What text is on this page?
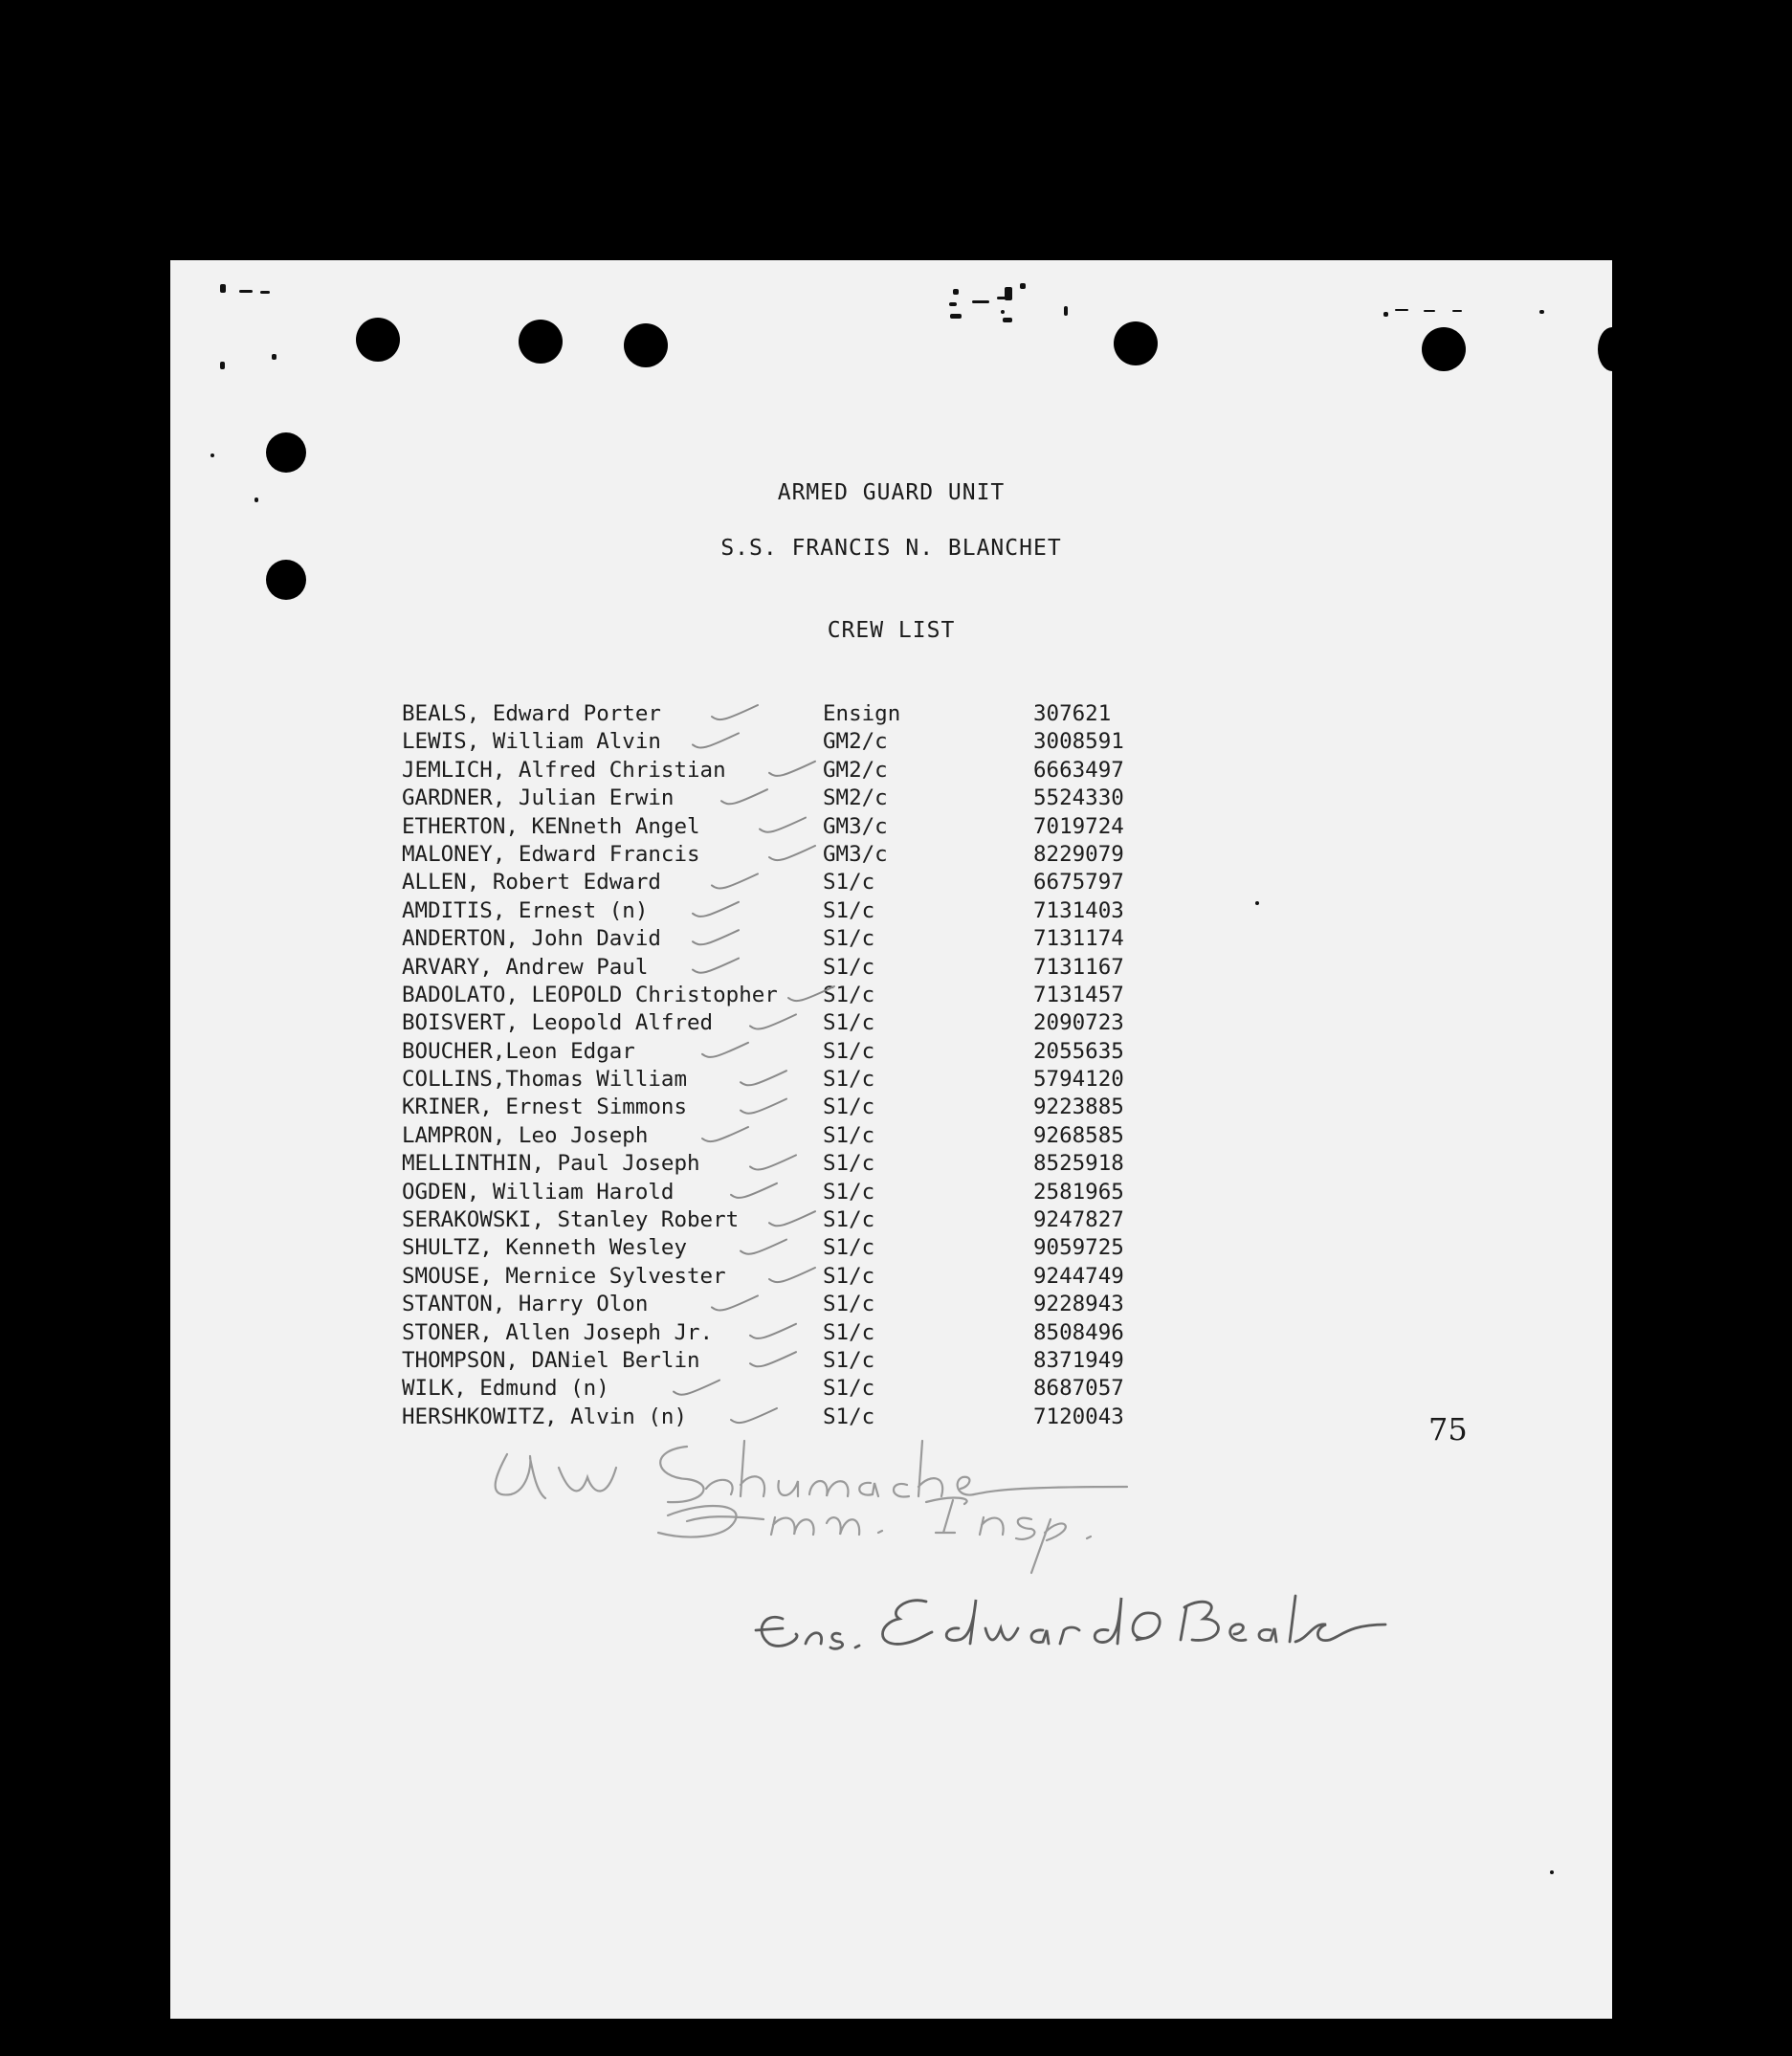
ARMED GUARD UNIT
S.S. FRANCIS N. BLANCHET
CREW LIST
BEALS, Edward Porter	Ensign	307621
LEWIS, William Alvin	GM2/c	3008591
JEMLICH, Alfred Christian	GM2/c	6663497
GARDNER, Julian Erwin	SM2/c	5524330
ETHERTON, KENneth Angel	GM3/c	7019724
MALONEY, Edward Francis	GM3/c	8229079
ALLEN, Robert Edward	S1/c	6675797
AMDITIS, Ernest (n)	S1/c	7131403
ANDERTON, John David	S1/c	7131174
ARVARY, Andrew Paul	S1/c	7131167
BADOLATO, LEOPOLD Christopher S1/c	7131457
BOISVERT, Leopold Alfred	S1/c	2090723
BOUCHER,Leon Edgar	S1/c	2055635
COLLINS,Thomas William	S1/c	5794120
KRINER, Ernest Simmons	S1/c	9223885
LAMPRON, Leo Joseph	S1/c	9268585
MELLINTHIN, Paul Joseph	S1/c	8525918
OGDEN, William Harold	S1/c	2581965
SERAKOWSKI, Stanley Robert	S1/c	9247827
SHULTZ, Kenneth Wesley	S1/c	9059725
SMOUSE, Mernice Sylvester	S1/c	9244749
STANTON, Harry Olon	S1/c	9228943
STONER, Allen Joseph Jr.	S1/c	8508496
THOMPSON, DANiel Berlin	S1/c	8371949
WILK, Edmund (n)	S1/c	8687057
HERSHKOWITZ, Alvin (n)	S1/c	7120043	75
